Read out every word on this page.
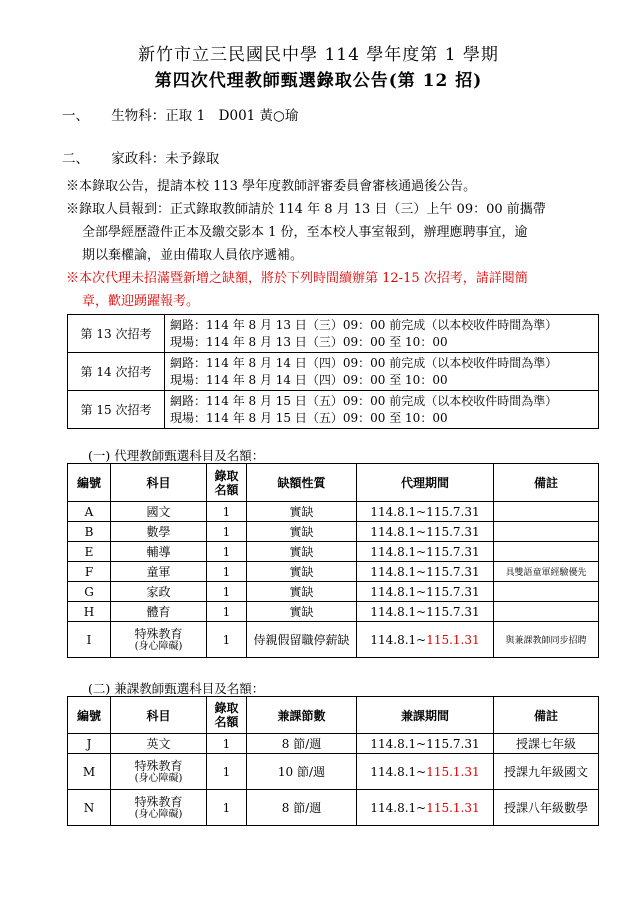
新竹市立三民國民中學 114 學年度第 1 學期
第四次代理教師甄選錄取公告(第 12 招)
一、 生物科：正取 1　D001 黃○瑜
二、 家政科：未予錄取
※本錄取公告，提請本校 113 學年度教師評審委員會審核通過後公告。
※錄取人員報到：正式錄取教師請於 114 年 8 月 13 日（三）上午 09：00 前攜帶
全部學經歷證件正本及繳交影本 1 份，至本校人事室報到，辦理應聘事宜，逾
期以棄權論，並由備取人員依序遞補。
※本次代理未招滿暨新增之缺額，將於下列時間續辦第 12-15 次招考，請詳閱簡
章，歡迎踴躍報考。
第 13 次招考	網路：114 年 8 月 13 日（三）09：00 前完成（以本校收件時間為準）
現場：114 年 8 月 13 日（三）09：00 至 10：00

第 14 次招考	網路：114 年 8 月 14 日（四）09：00 前完成（以本校收件時間為準）
現場：114 年 8 月 14 日（四）09：00 至 10：00

第 15 次招考	網路：114 年 8 月 15 日（五）09：00 前完成（以本校收件時間為準）
現場：114 年 8 月 15 日（五）09：00 至 10：00
(一) 代理教師甄選科目及名額：
編號	科目	錄取
名額	缺額性質	代理期間	備註
A	國文	1	實缺	114.8.1~115.7.31	
B	數學	1	實缺	114.8.1~115.7.31	
E	輔導	1	實缺	114.8.1~115.7.31	
F	童軍	1	實缺	114.8.1~115.7.31	具雙語童軍經驗優先
G	家政	1	實缺	114.8.1~115.7.31	
H	體育	1	實缺	114.8.1~115.7.31	
I	特殊教育
(身心障礙)	1	侍親假留職停薪缺	114.8.1~115.1.31	與兼課教師同步招聘
(二) 兼課教師甄選科目及名額：
編號	科目	錄取
名額	兼課節數	兼課期間	備註
J	英文	1	8 節/週	114.8.1~115.7.31	授課七年級
M	特殊教育
(身心障礙)	1	10 節/週	114.8.1~115.1.31	授課九年級國文
N	特殊教育
(身心障礙)	1	8 節/週	114.8.1~115.1.31	授課八年級數學
